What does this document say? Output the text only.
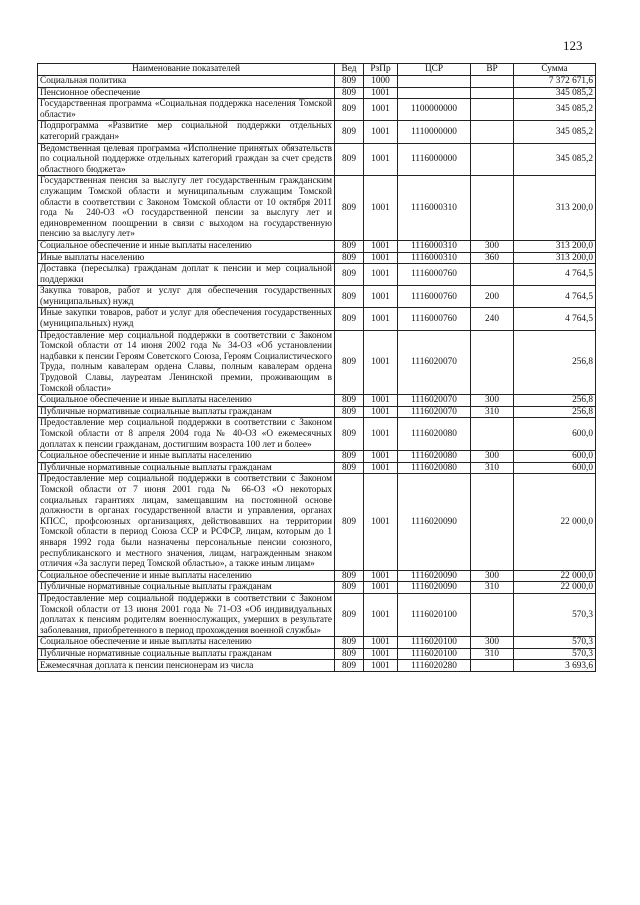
123
Наименование показателей	Вед	РзПр	ЦСР	ВР	Сумма
Социальная политика	809	1000			7 372 671,6
Пенсионное обеспечение	809	1001			345 085,2
Государственная программа «Социальная поддержка населения Томской области»	809	1001	1100000000		345 085,2
Подпрограмма «Развитие мер социальной поддержки отдельных категорий граждан»	809	1001	1110000000		345 085,2
Ведомственная целевая программа «Исполнение принятых обязательств по социальной поддержке отдельных категорий граждан за счет средств областного бюджета»	809	1001	1116000000		345 085,2
Государственная пенсия за выслугу лет государственным гражданским служащим Томской области и муниципальным служащим Томской области в соответствии с Законом Томской области от 10 октября 2011 года № 240-ОЗ «О государственной пенсии за выслугу лет и единовременном поощрении в связи с выходом на государственную пенсию за выслугу лет»	809	1001	1116000310		313 200,0
Социальное обеспечение и иные выплаты населению	809	1001	1116000310	300	313 200,0
Иные выплаты населению	809	1001	1116000310	360	313 200,0
Доставка (пересылка) гражданам доплат к пенсии и мер социальной поддержки	809	1001	1116000760		4 764,5
Закупка товаров, работ и услуг для обеспечения государственных (муниципальных) нужд	809	1001	1116000760	200	4 764,5
Иные закупки товаров, работ и услуг для обеспечения государственных (муниципальных) нужд	809	1001	1116000760	240	4 764,5
Предоставление мер социальной поддержки в соответствии с Законом Томской области от 14 июня 2002 года № 34-ОЗ «Об установлении надбавки к пенсии Героям Советского Союза, Героям Социалистического Труда, полным кавалерам ордена Славы, полным кавалерам ордена Трудовой Славы, лауреатам Ленинской премии, проживающим в Томской области»	809	1001	1116020070		256,8
Социальное обеспечение и иные выплаты населению	809	1001	1116020070	300	256,8
Публичные нормативные социальные выплаты гражданам	809	1001	1116020070	310	256,8
Предоставление мер социальной поддержки в соответствии с Законом Томской области от 8 апреля 2004 года № 40-ОЗ «О ежемесячных доплатах к пенсии гражданам, достигшим возраста 100 лет и более»	809	1001	1116020080		600,0
Социальное обеспечение и иные выплаты населению	809	1001	1116020080	300	600,0
Публичные нормативные социальные выплаты гражданам	809	1001	1116020080	310	600,0
Предоставление мер социальной поддержки в соответствии с Законом Томской области от 7 июня 2001 года № 66-ОЗ «О некоторых социальных гарантиях лицам, замещавшим на постоянной основе должности в органах государственной власти и управления, органах КПСС, профсоюзных организациях, действовавших на территории Томской области в период Союза ССР и РСФСР, лицам, которым до 1 января 1992 года были назначены персональные пенсии союзного, республиканского и местного значения, лицам, награжденным знаком отличия «За заслуги перед Томской областью», а также иным лицам»	809	1001	1116020090		22 000,0
Социальное обеспечение и иные выплаты населению	809	1001	1116020090	300	22 000,0
Публичные нормативные социальные выплаты гражданам	809	1001	1116020090	310	22 000,0
Предоставление мер социальной поддержки в соответствии с Законом Томской области от 13 июня 2001 года № 71-ОЗ «Об индивидуальных доплатах к пенсиям родителям военнослужащих, умерших в результате заболевания, приобретенного в период прохождения военной службы»	809	1001	1116020100		570,3
Социальное обеспечение и иные выплаты населению	809	1001	1116020100	300	570,3
Публичные нормативные социальные выплаты гражданам	809	1001	1116020100	310	570,3
Ежемесячная доплата к пенсии пенсионерам из числа	809	1001	1116020280		3 693,6
